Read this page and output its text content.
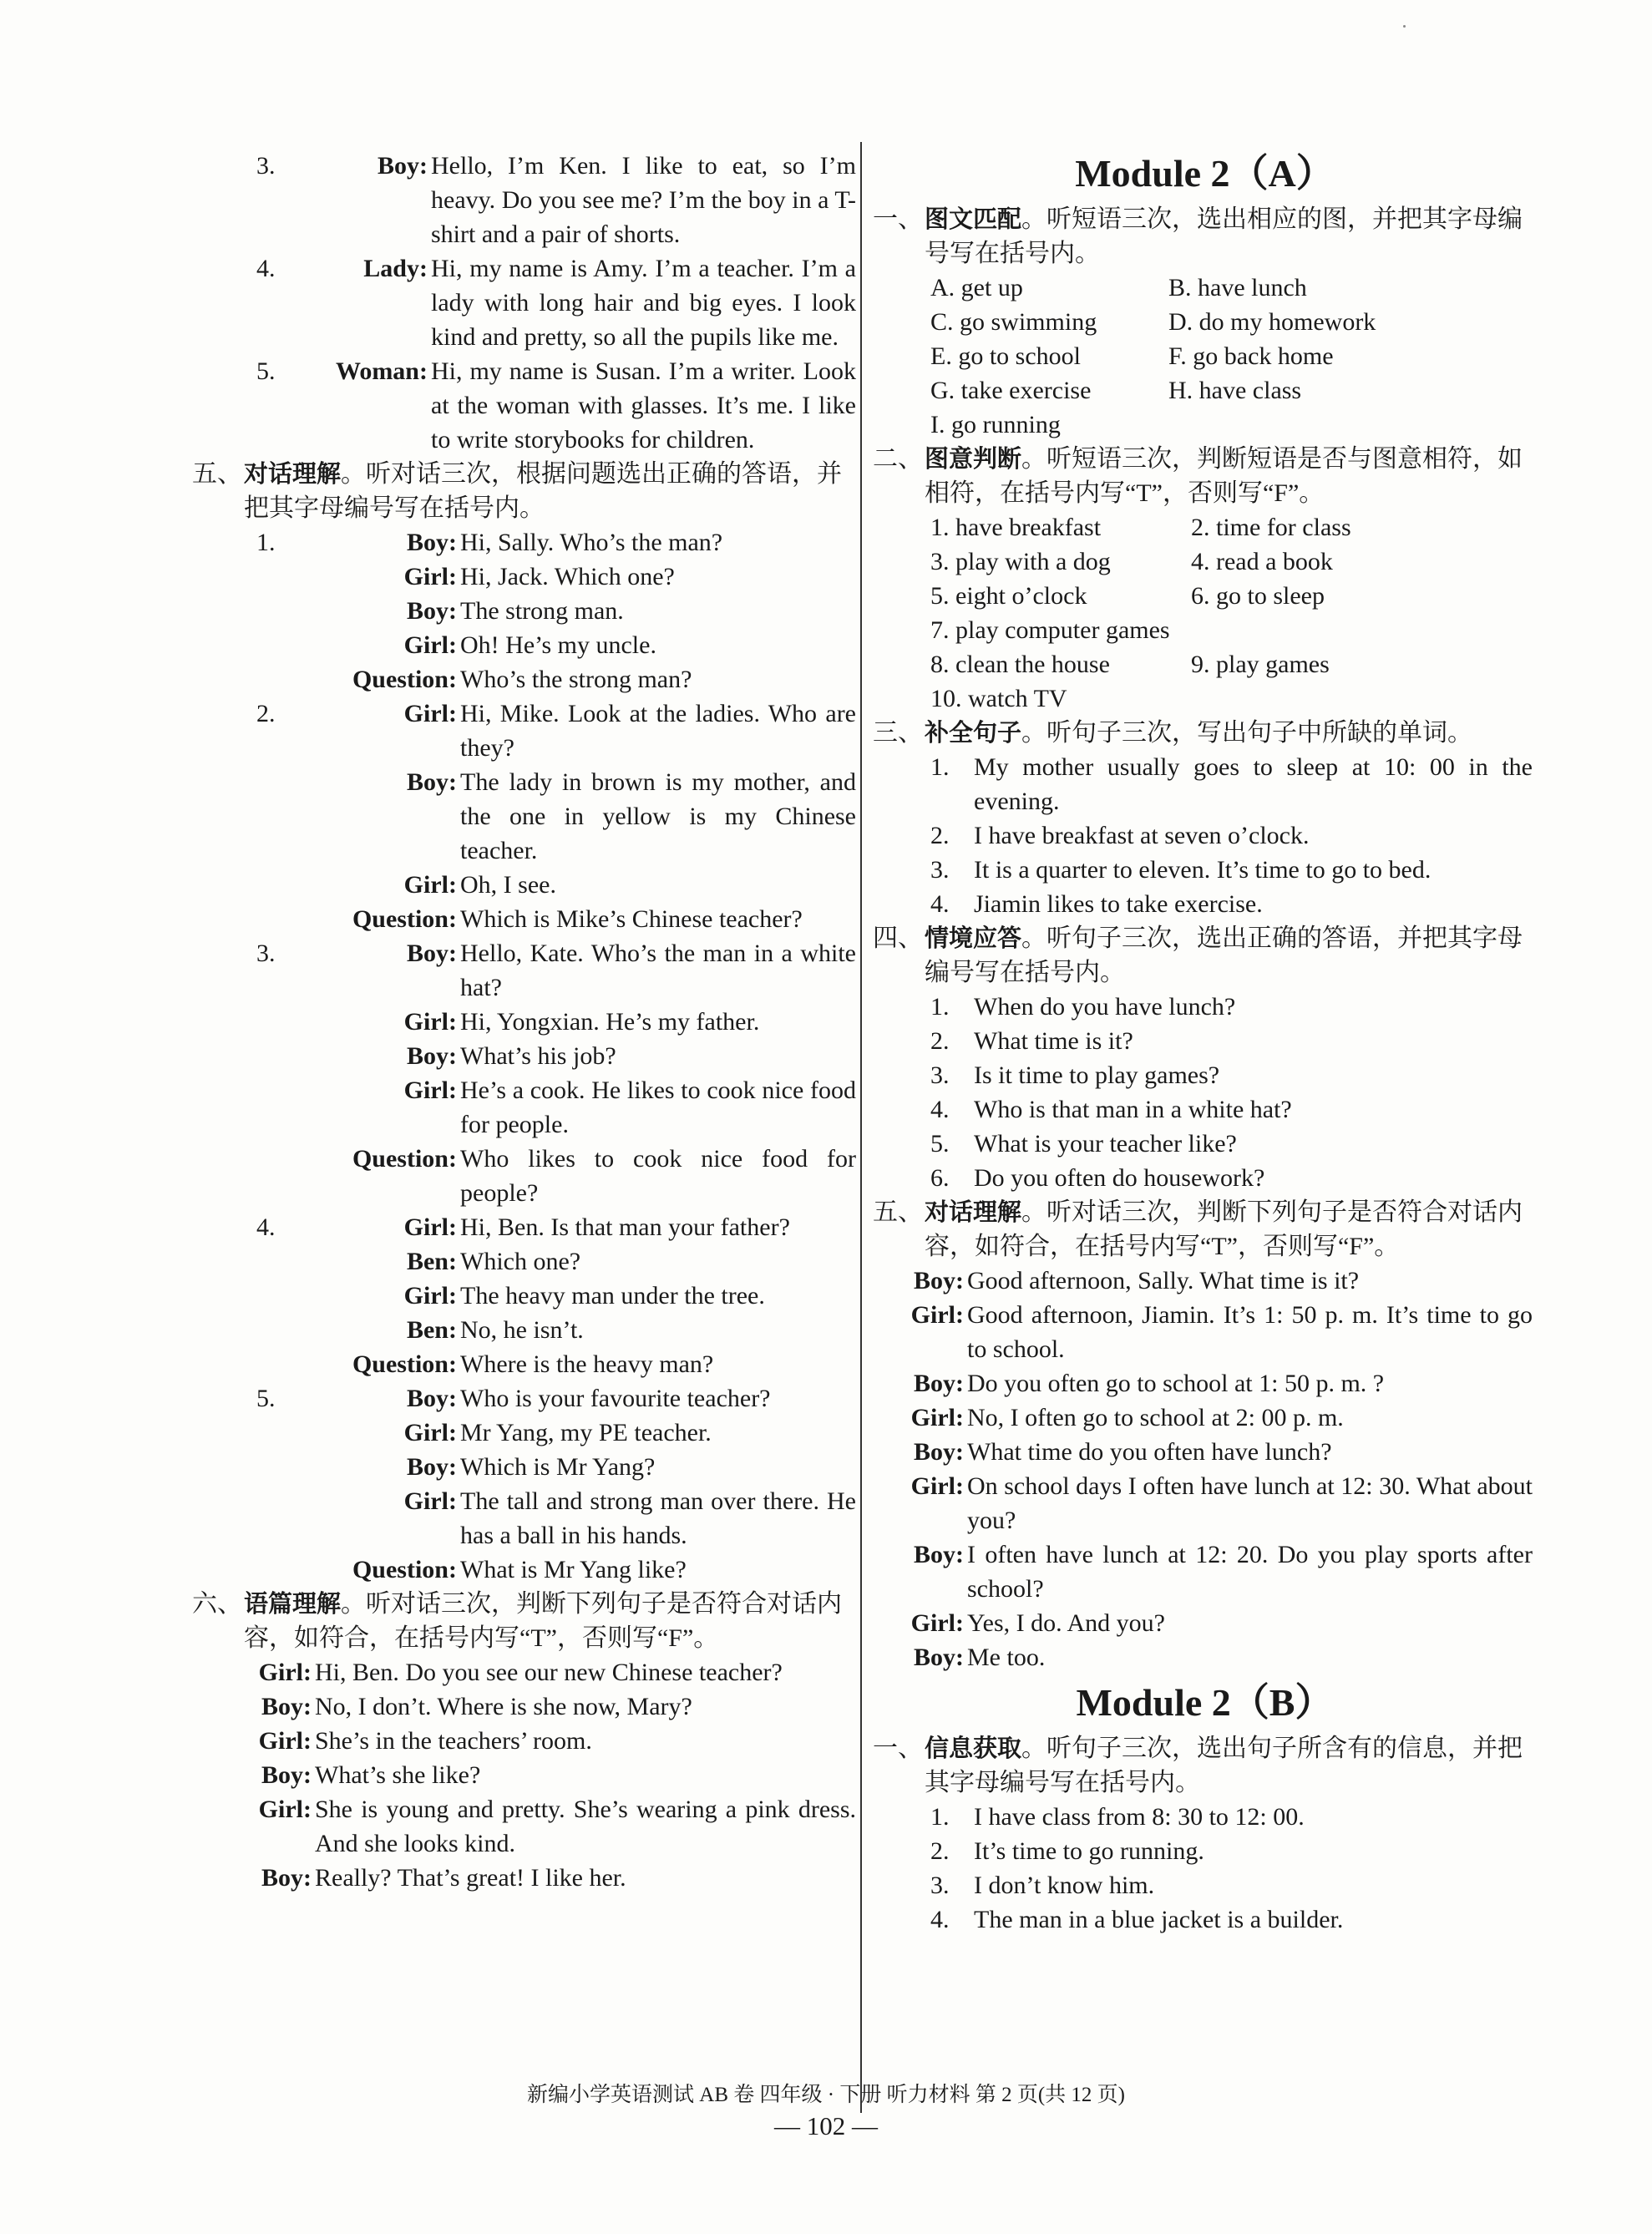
3.	Boy: Hello, I’m Ken. I like to eat, so I’m heavy. Do you see me? I’m the boy in a T-shirt and a pair of shorts.
4.	Lady: Hi, my name is Amy. I’m a teacher. I’m a lady with long hair and big eyes. I look kind and pretty, so all the pupils like me.
5.	Woman: Hi, my name is Susan. I’m a writer. Look at the woman with glasses. It’s me. I like to write storybooks for children.
五、 对话理解。听对话三次，根据问题选出正确的答语，并把其字母编号写在括号内。
1.	Boy: Hi, Sally. Who’s the man?
Girl: Hi, Jack. Which one?
Boy: The strong man.
Girl: Oh! He’s my uncle.
Question: Who’s the strong man?
2.	Girl: Hi, Mike. Look at the ladies. Who are they?
Boy: The lady in brown is my mother, and the one in yellow is my Chinese teacher.
Girl: Oh, I see.
Question: Which is Mike’s Chinese teacher?
3.	Boy: Hello, Kate. Who’s the man in a white hat?
Girl: Hi, Yongxian. He’s my father.
Boy: What’s his job?
Girl: He’s a cook. He likes to cook nice food for people.
Question: Who likes to cook nice food for people?
4.	Girl: Hi, Ben. Is that man your father?
Ben: Which one?
Girl: The heavy man under the tree.
Ben: No, he isn’t.
Question: Where is the heavy man?
5.	Boy: Who is your favourite teacher?
Girl: Mr Yang, my PE teacher.
Boy: Which is Mr Yang?
Girl: The tall and strong man over there. He has a ball in his hands.
Question: What is Mr Yang like?
六、 语篇理解。听对话三次，判断下列句子是否符合对话内容，如符合，在括号内写“T”，否则写“F”。
Girl: Hi, Ben. Do you see our new Chinese teacher?
Boy: No, I don’t. Where is she now, Mary?
Girl: She’s in the teachers’ room.
Boy: What’s she like?
Girl: She is young and pretty. She’s wearing a pink dress. And she looks kind.
Boy: Really? That’s great! I like her.
Module 2（A）
一、 图文匹配。听短语三次，选出相应的图，并把其字母编号写在括号内。
A. get up	B. have lunch
C. go swimming	D. do my homework
E. go to school	F. go back home
G. take exercise	H. have class
I. go running
二、 图意判断。听短语三次，判断短语是否与图意相符，如相符，在括号内写“T”，否则写“F”。
1. have breakfast	2. time for class
3. play with a dog	4. read a book
5. eight o’clock	6. go to sleep
7. play computer games
8. clean the house	9. play games
10. watch TV
三、 补全句子。听句子三次，写出句子中所缺的单词。
1. My mother usually goes to sleep at 10: 00 in the evening.
2. I have breakfast at seven o’clock.
3. It is a quarter to eleven. It’s time to go to bed.
4. Jiamin likes to take exercise.
四、 情境应答。听句子三次，选出正确的答语，并把其字母编号写在括号内。
1. When do you have lunch?
2. What time is it?
3. Is it time to play games?
4. Who is that man in a white hat?
5. What is your teacher like?
6. Do you often do housework?
五、 对话理解。听对话三次，判断下列句子是否符合对话内容，如符合，在括号内写“T”，否则写“F”。
Boy: Good afternoon, Sally. What time is it?
Girl: Good afternoon, Jiamin. It’s 1: 50 p. m. It’s time to go to school.
Boy: Do you often go to school at 1: 50 p. m. ?
Girl: No, I often go to school at 2: 00 p. m.
Boy: What time do you often have lunch?
Girl: On school days I often have lunch at 12: 30. What about you?
Boy: I often have lunch at 12: 20. Do you play sports after school?
Girl: Yes, I do. And you?
Boy: Me too.
Module 2（B）
一、 信息获取。听句子三次，选出句子所含有的信息，并把其字母编号写在括号内。
1. I have class from 8: 30 to 12: 00.
2. It’s time to go running.
3. I don’t know him.
4. The man in a blue jacket is a builder.
新编小学英语测试 AB 卷 四年级 · 下册 听力材料 第 2 页(共 12 页)
— 102 —
